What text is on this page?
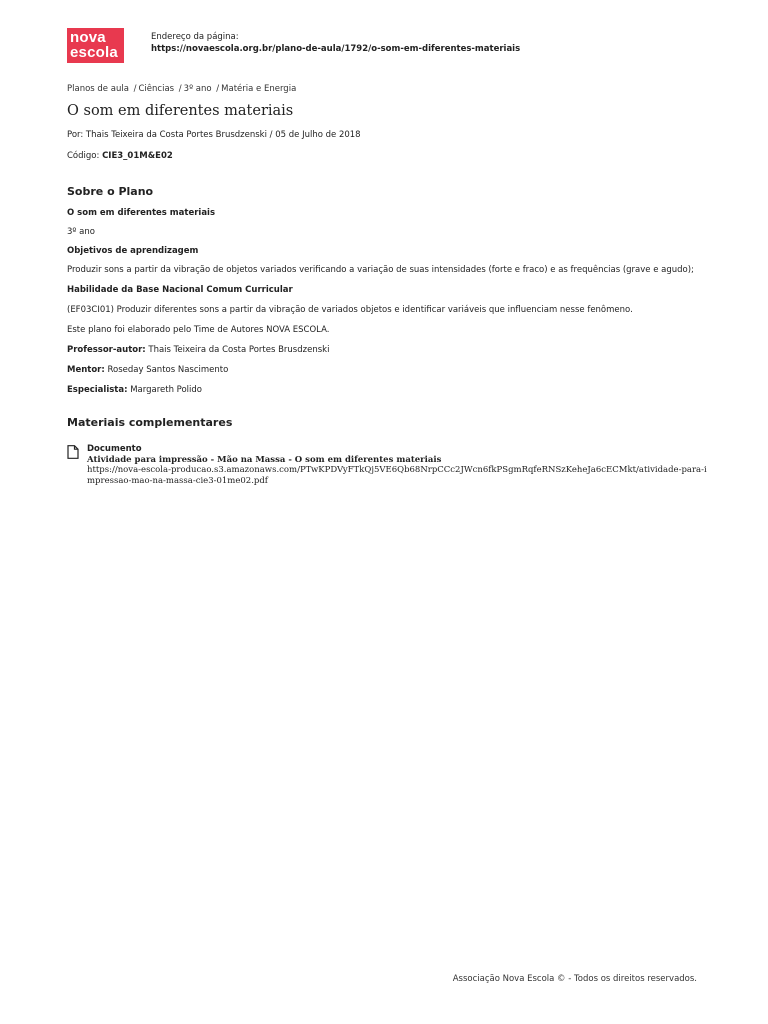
nova
escola
Endereço da página:
https://novaescola.org.br/plano-de-aula/1792/o-som-em-diferentes-materiais
Planos de aula / Ciências / 3º ano / Matéria e Energia
O som em diferentes materiais
Por: Thais Teixeira da Costa Portes Brusdzenski / 05 de Julho de 2018
Código: CIE3_01M&E02
Sobre o Plano
O som em diferentes materiais
3º ano
Objetivos de aprendizagem
Produzir sons a partir da vibração de objetos variados verificando a variação de suas intensidades (forte e fraco) e as frequências (grave e agudo);
Habilidade da Base Nacional Comum Curricular
(EF03CI01) Produzir diferentes sons a partir da vibração de variados objetos e identificar variáveis que influenciam nesse fenômeno.
Este plano foi elaborado pelo Time de Autores NOVA ESCOLA.
Professor-autor: Thais Teixeira da Costa Portes Brusdzenski
Mentor: Roseday Santos Nascimento
Especialista: Margareth Polido
Materiais complementares
Documento
Atividade para impressão - Mão na Massa - O som em diferentes materiais
https://nova-escola-producao.s3.amazonaws.com/PTwKPDVyFTkQj5VE6Qb68NrpCCc2JWcn6fkPSgmRqfeRNSzKeheJa6cECMkt/atividade-para-impressao-mao-na-massa-cie3-01me02.pdf
Associação Nova Escola © - Todos os direitos reservados.
